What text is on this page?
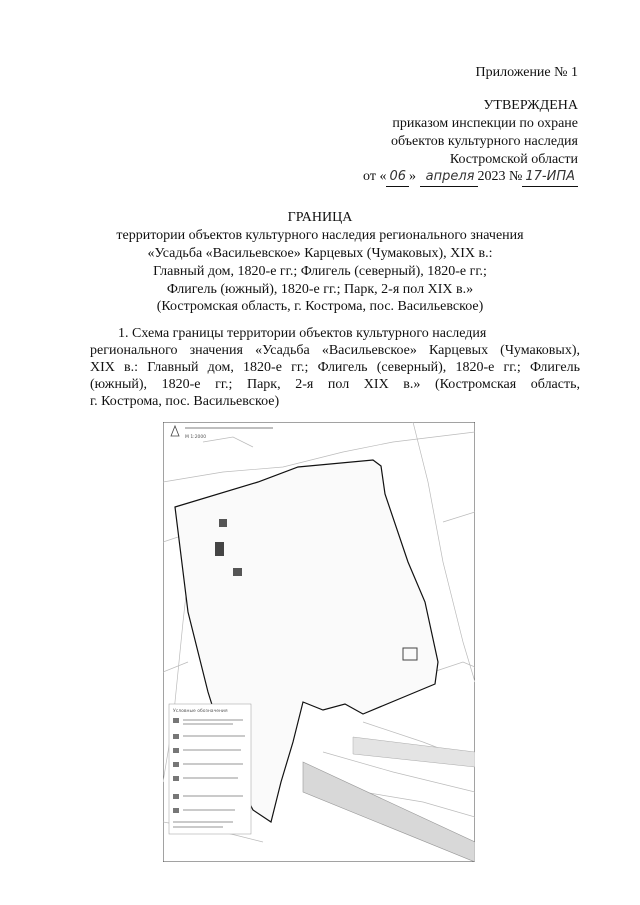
Приложение № 1
УТВЕРЖДЕНА
приказом инспекции по охране
объектов культурного наследия
Костромской области
от « 06 » апреля 2023 № 17-ИПА
ГРАНИЦА
территории объектов культурного наследия регионального значения
«Усадьба «Васильевское» Карцевых (Чумаковых), XIX в.:
Главный дом, 1820-е гг.; Флигель (северный), 1820-е гг.;
Флигель (южный), 1820-е гг.; Парк, 2-я пол XIX в.»
(Костромская область, г. Кострома, пос. Васильевское)
1. Схема границы территории объектов культурного наследия
регионального значения «Усадьба «Васильевское» Карцевых (Чумаковых),
XIX в.: Главный дом, 1820-е гг.; Флигель (северный), 1820-е гг.; Флигель
(южный), 1820-е гг.; Парк, 2-я пол XIX в.» (Костромская область,
г. Кострома, пос. Васильевское)
М 1:2000
Условные обозначения
